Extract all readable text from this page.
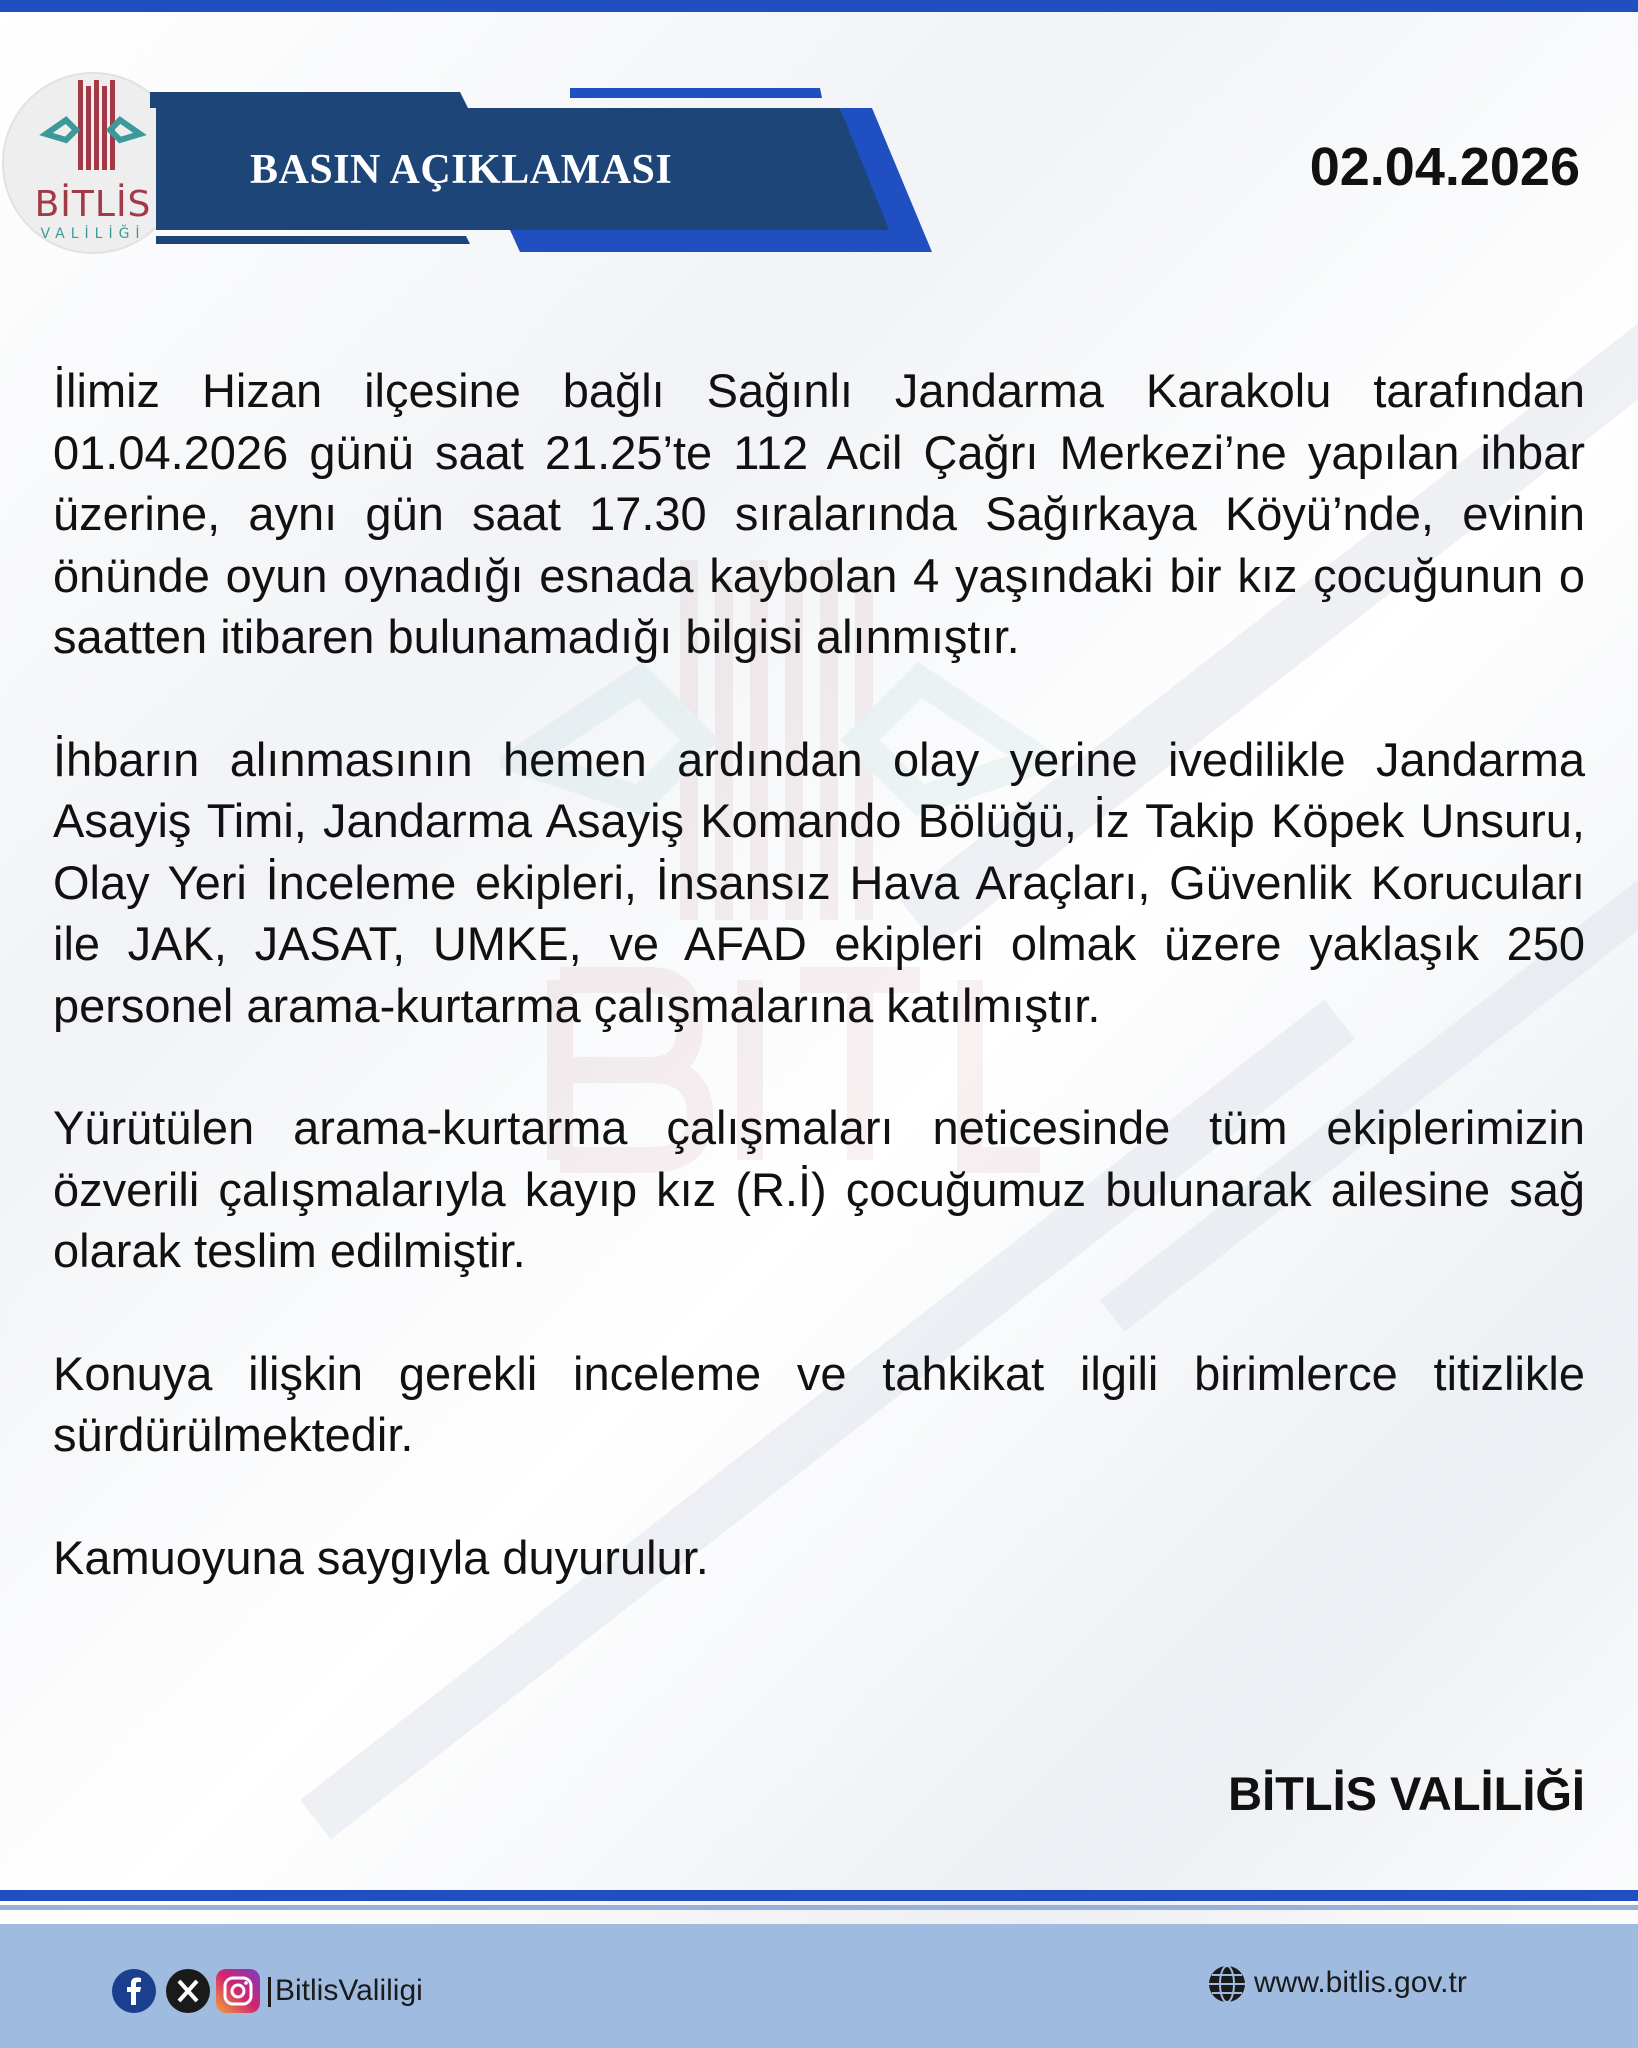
BİTLİS
VALİLİĞİ
BASIN AÇIKLAMASI	02.04.2026

İlimiz Hizan ilçesine bağlı Sağınlı Jandarma Karakolu tarafından 01.04.2026 günü saat 21.25’te 112 Acil Çağrı Merkezi’ne yapılan ihbar üzerine, aynı gün saat 17.30 sıralarında Sağırkaya Köyü’nde, evinin önünde oyun oynadığı esnada kaybolan 4 yaşındaki bir kız çocuğunun o saatten itibaren bulunamadığı bilgisi alınmıştır.

İhbarın alınmasının hemen ardından olay yerine ivedilikle Jandarma Asayiş Timi, Jandarma Asayiş Komando Bölüğü, İz Takip Köpek Unsuru, Olay Yeri İnceleme ekipleri, İnsansız Hava Araçları, Güvenlik Korucuları ile JAK, JASAT, UMKE, ve AFAD ekipleri olmak üzere yaklaşık 250 personel arama-kurtarma çalışmalarına katılmıştır.

Yürütülen arama-kurtarma çalışmaları neticesinde tüm ekiplerimizin özverili çalışmalarıyla kayıp kız (R.İ) çocuğumuz bulunarak ailesine sağ olarak teslim edilmiştir.

Konuya ilişkin gerekli inceleme ve tahkikat ilgili birimlerce titizlikle sürdürülmektedir.

Kamuoyuna saygıyla duyurulur.

BİTLİS VALİLİĞİ
BitlisValiligi	www.bitlis.gov.tr
